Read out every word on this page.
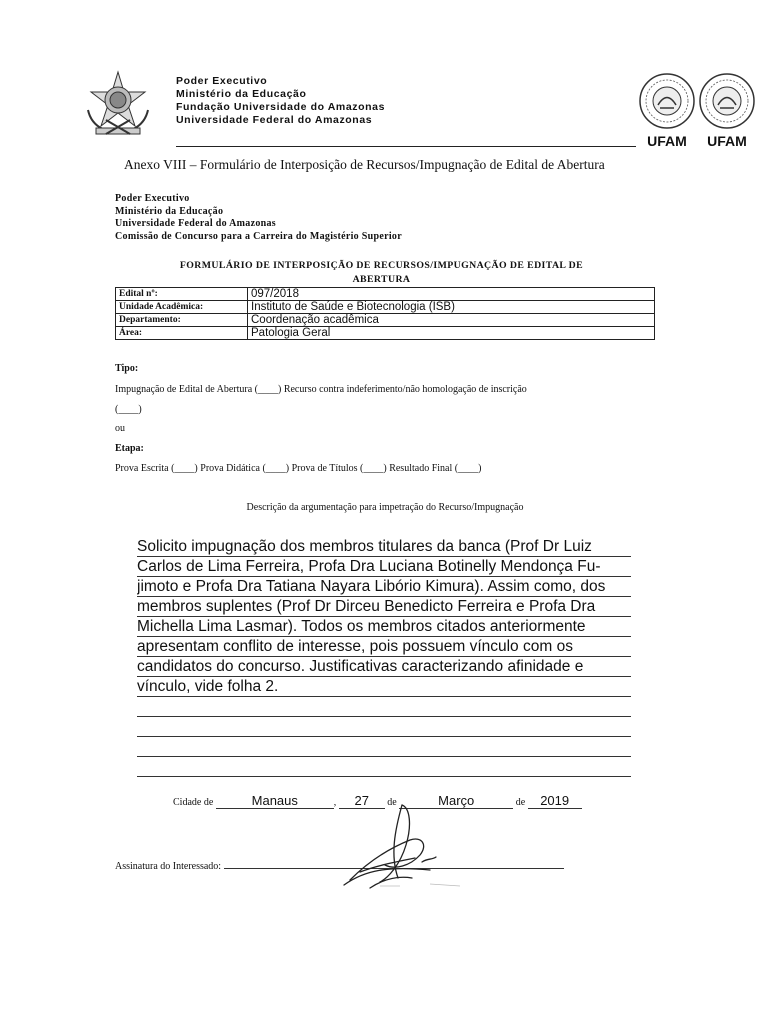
Poder Executivo
Ministério da Educação
Fundação Universidade do Amazonas
Universidade Federal do Amazonas
UFAM	UFAM
Anexo VIII – Formulário de Interposição de Recursos/Impugnação de Edital de Abertura
Poder Executivo
Ministério da Educação
Universidade Federal do Amazonas
Comissão de Concurso para a Carreira do Magistério Superior
FORMULÁRIO DE INTERPOSIÇÃO DE RECURSOS/IMPUGNAÇÃO DE EDITAL DE
ABERTURA
Edital nº:	097/2018
Unidade Acadêmica:	Instituto de Saúde e Biotecnologia (ISB)
Departamento:	Coordenação acadêmica
Área:	Patologia Geral
Tipo:
Impugnação de Edital de Abertura (____) Recurso contra indeferimento/não homologação de inscrição
(____)
ou
Etapa:
Prova Escrita (____) Prova Didática (____) Prova de Títulos (____) Resultado Final (____)
Descrição da argumentação para impetração do Recurso/Impugnação
Solicito impugnação dos membros titulares da banca (Prof Dr Luiz
Carlos de Lima Ferreira, Profa Dra Luciana Botinelly Mendonça Fu-
jimoto e Profa Dra Tatiana Nayara Libório Kimura). Assim como, dos
membros suplentes (Prof Dr Dirceu Benedicto Ferreira e Profa Dra
Michella Lima Lasmar). Todos os membros citados anteriormente
apresentam conflito de interesse, pois possuem vínculo com os
candidatos do concurso. Justificativas caracterizando afinidade e
vínculo, vide folha 2.
Cidade de	Manaus	, 27 de	Março	de 2019
Assinatura do Interessado:
